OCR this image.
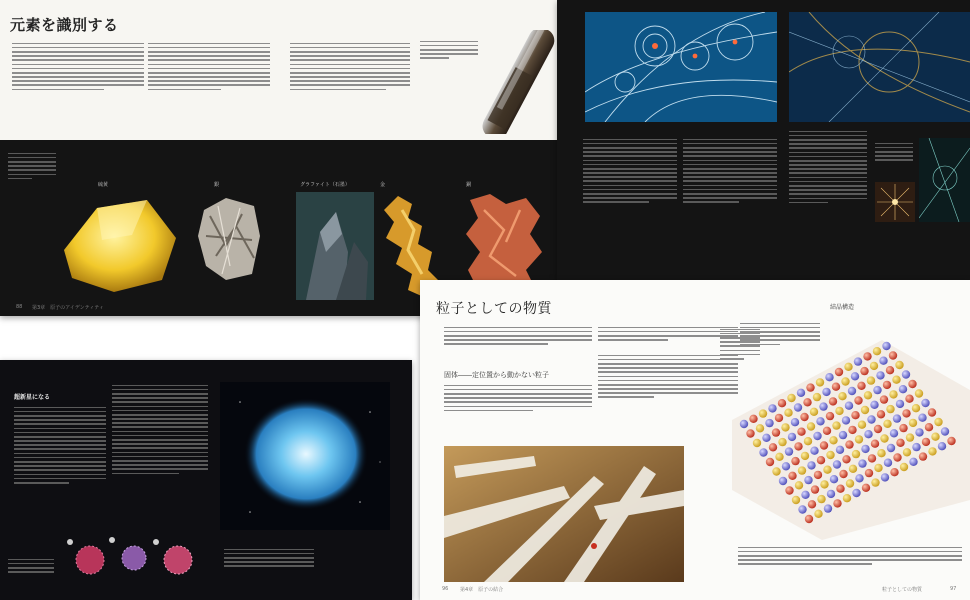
元素を識別する
硫黄	銀	グラファイト（石墨）	金	銅
88 第3章　原子のアイデンティティ
超新星になる
粒子としての物質	結晶構造
固体――定位置から動かない粒子
96 第4章　原子の結合	粒子としての物質	97
